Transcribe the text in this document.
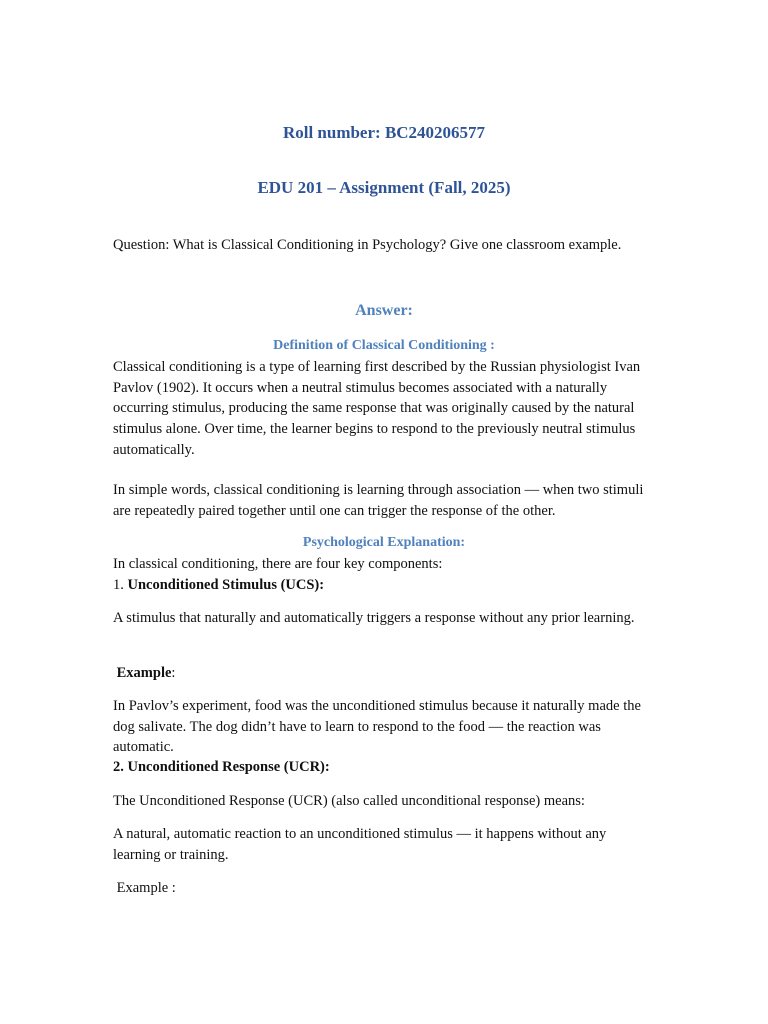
Roll number: BC240206577
EDU 201 – Assignment (Fall, 2025)

Question: What is Classical Conditioning in Psychology? Give one classroom example.

Answer:
Definition of Classical Conditioning :

Classical conditioning is a type of learning first described by the Russian physiologist Ivan Pavlov (1902). It occurs when a neutral stimulus becomes associated with a naturally occurring stimulus, producing the same response that was originally caused by the natural stimulus alone. Over time, the learner begins to respond to the previously neutral stimulus automatically.

In simple words, classical conditioning is learning through association — when two stimuli are repeatedly paired together until one can trigger the response of the other.

Psychological Explanation:

In classical conditioning, there are four key components:

1. Unconditioned Stimulus (UCS):

A stimulus that naturally and automatically triggers a response without any prior learning.

Example:

In Pavlov’s experiment, food was the unconditioned stimulus because it naturally made the dog salivate. The dog didn’t have to learn to respond to the food — the reaction was automatic.

2. Unconditioned Response (UCR):

The Unconditioned Response (UCR) (also called unconditional response) means:

A natural, automatic reaction to an unconditioned stimulus — it happens without any learning or training.

Example :
